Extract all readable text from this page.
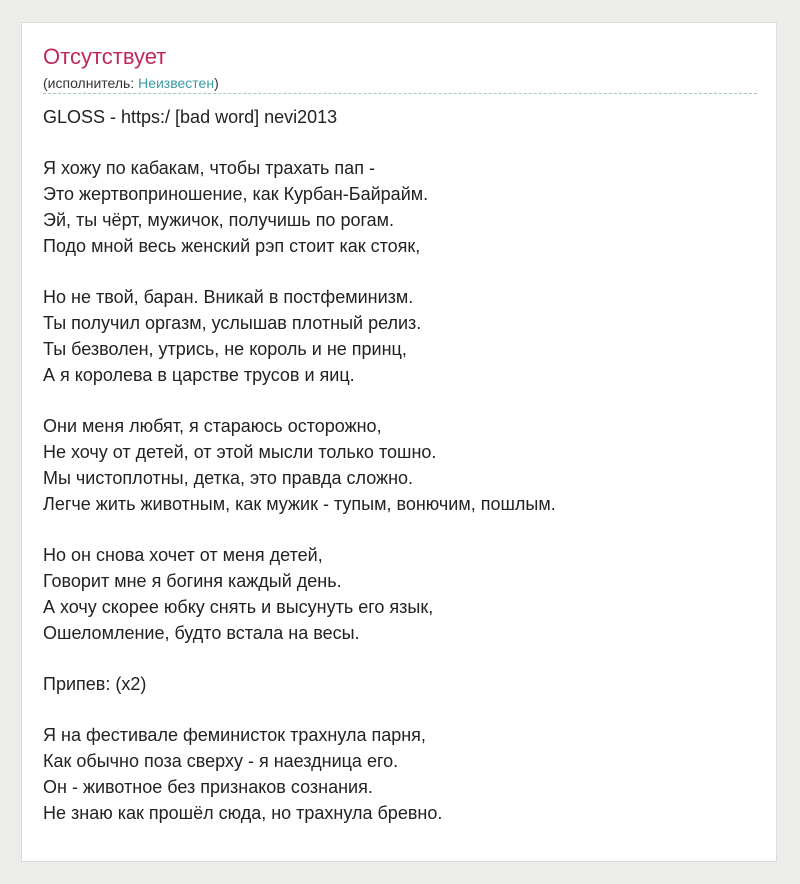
Отсутствует
(исполнитель: Неизвестен)
GLOSS - https:/ [bad word] nevi2013
Я хожу по кабакам, чтобы трахать пап -
Это жертвоприношение, как Курбан-Байрайм.
Эй, ты чёрт, мужичок, получишь по рогам.
Подо мной весь женский рэп стоит как стояк,
Но не твой, баран. Вникай в постфеминизм.
Ты получил оргазм, услышав плотный релиз.
Ты безволен, утрись, не король и не принц,
А я королева в царстве трусов и яиц.
Они меня любят, я стараюсь осторожно,
Не хочу от детей, от этой мысли только тошно.
Мы чистоплотны, детка, это правда сложно.
Легче жить животным, как мужик - тупым, вонючим, пошлым.
Но он снова хочет от меня детей,
Говорит мне я богиня каждый день.
А хочу скорее юбку снять и высунуть его язык,
Ошеломление, будто встала на весы.
Припев: (x2)
Я на фестивале феминисток трахнула парня,
Как обычно поза сверху - я наездница его.
Он - животное без признаков сознания.
Не знаю как прошёл сюда, но трахнула бревно.
